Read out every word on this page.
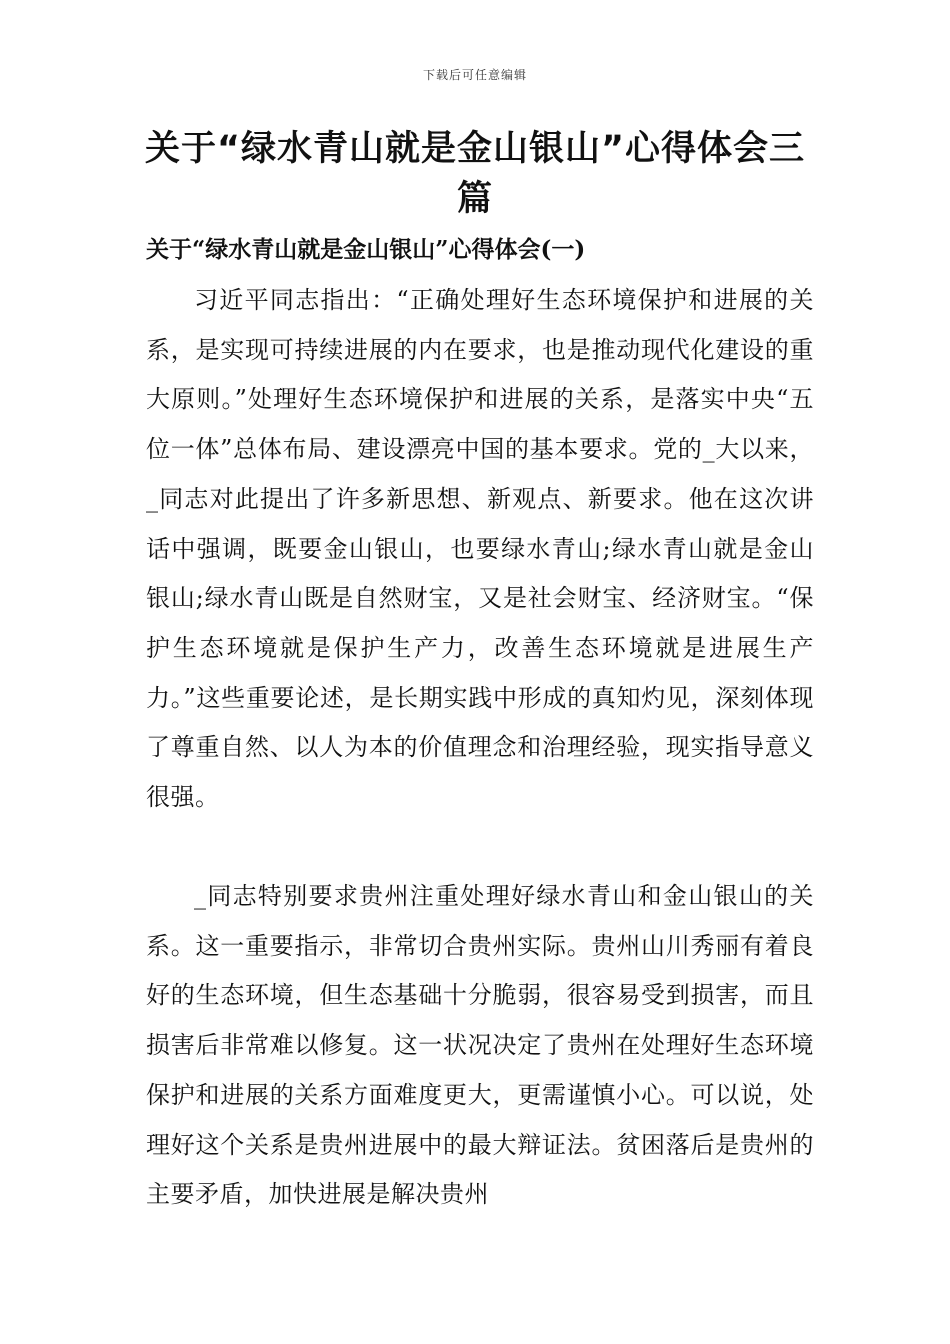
下载后可任意编辑
关于“绿水青山就是金山银山”心得体会三篇
关于“绿水青山就是金山银山”心得体会(一)

习近平同志指出：“正确处理好生态环境保护和进展的关系，是实现可持续进展的内在要求，也是推动现代化建设的重大原则。”处理好生态环境保护和进展的关系，是落实中央“五位一体”总体布局、建设漂亮中国的基本要求。党的_大以来，_同志对此提出了许多新思想、新观点、新要求。他在这次讲话中强调，既要金山银山，也要绿水青山;绿水青山就是金山银山;绿水青山既是自然财宝，又是社会财宝、经济财宝。“保护生态环境就是保护生产力，改善生态环境就是进展生产力。”这些重要论述，是长期实践中形成的真知灼见，深刻体现了尊重自然、以人为本的价值理念和治理经验，现实指导意义很强。

_同志特别要求贵州注重处理好绿水青山和金山银山的关系。这一重要指示，非常切合贵州实际。贵州山川秀丽有着良好的生态环境，但生态基础十分脆弱，很容易受到损害，而且损害后非常难以修复。这一状况决定了贵州在处理好生态环境保护和进展的关系方面难度更大，更需谨慎小心。可以说，处理好这个关系是贵州进展中的最大辩证法。贫困落后是贵州的主要矛盾，加快进展是解决贵州
